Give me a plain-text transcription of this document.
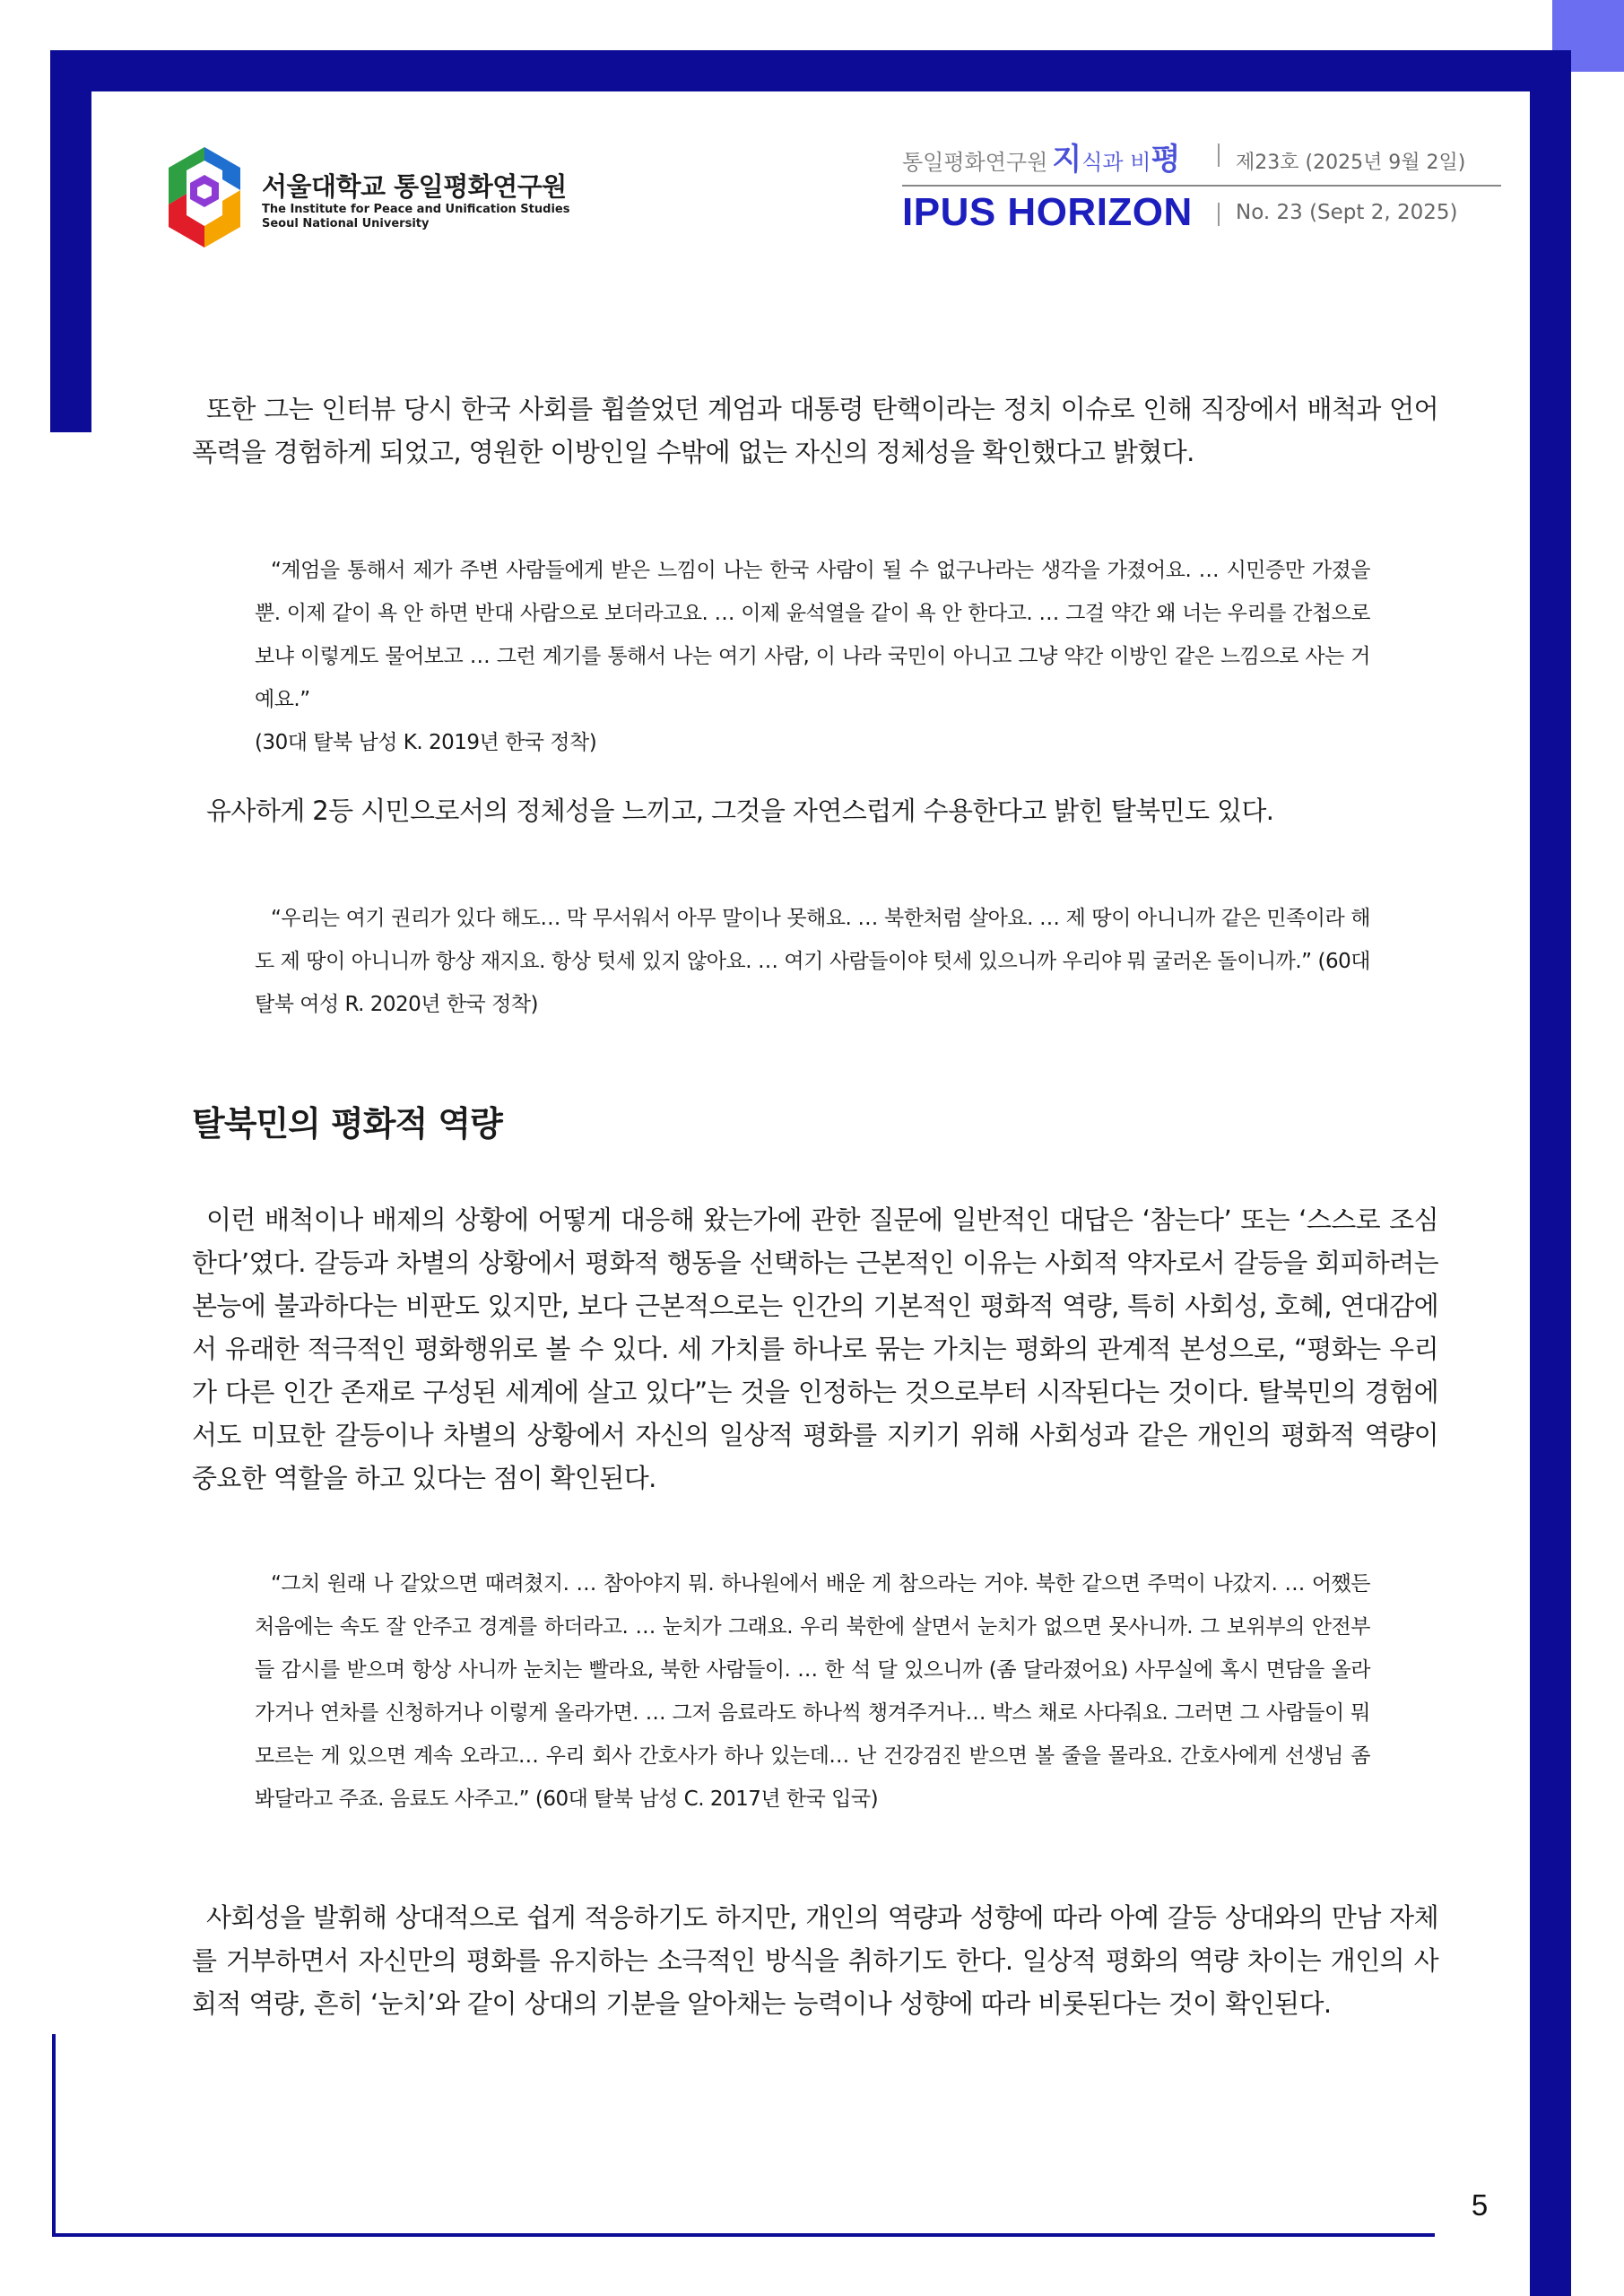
서울대학교 통일평화연구원
The Institute for Peace and Unification Studies
Seoul National University
통일평화연구원 지식과 비평	제23호 (2025년 9월 2일)
IPUS HORIZON No. 23 (Sept 2, 2025)

또한 그는 인터뷰 당시 한국 사회를 휩쓸었던 계엄과 대통령 탄핵이라는 정치 이슈로 인해 직장에서 배척과 언어폭력을 경험하게 되었고, 영원한 이방인일 수밖에 없는 자신의 정체성을 확인했다고 밝혔다.

“계엄을 통해서 제가 주변 사람들에게 받은 느낌이 나는 한국 사람이 될 수 없구나라는 생각을 가졌어요. … 시민증만 가졌을 뿐. 이제 같이 욕 안 하면 반대 사람으로 보더라고요. … 이제 윤석열을 같이 욕 안 한다고. … 그걸 약간 왜 너는 우리를 간첩으로 보냐 이렇게도 물어보고 … 그런 계기를 통해서 나는 여기 사람, 이 나라 국민이 아니고 그냥 약간 이방인 같은 느낌으로 사는 거예요.”
(30대 탈북 남성 K. 2019년 한국 정착)

유사하게 2등 시민으로서의 정체성을 느끼고, 그것을 자연스럽게 수용한다고 밝힌 탈북민도 있다.

“우리는 여기 권리가 있다 해도… 막 무서워서 아무 말이나 못해요. … 북한처럼 살아요. … 제 땅이 아니니까 같은 민족이라 해도 제 땅이 아니니까 항상 재지요. 항상 텃세 있지 않아요. … 여기 사람들이야 텃세 있으니까 우리야 뭐 굴러온 돌이니까.” (60대 탈북 여성 R. 2020년 한국 정착)
탈북민의 평화적 역량

이런 배척이나 배제의 상황에 어떻게 대응해 왔는가에 관한 질문에 일반적인 대답은 ‘참는다’ 또는 ‘스스로 조심한다’였다. 갈등과 차별의 상황에서 평화적 행동을 선택하는 근본적인 이유는 사회적 약자로서 갈등을 회피하려는 본능에 불과하다는 비판도 있지만, 보다 근본적으로는 인간의 기본적인 평화적 역량, 특히 사회성, 호혜, 연대감에서 유래한 적극적인 평화행위로 볼 수 있다. 세 가치를 하나로 묶는 가치는 평화의 관계적 본성으로, “평화는 우리가 다른 인간 존재로 구성된 세계에 살고 있다”는 것을 인정하는 것으로부터 시작된다는 것이다. 탈북민의 경험에서도 미묘한 갈등이나 차별의 상황에서 자신의 일상적 평화를 지키기 위해 사회성과 같은 개인의 평화적 역량이 중요한 역할을 하고 있다는 점이 확인된다.

“그치 원래 나 같았으면 때려쳤지. … 참아야지 뭐. 하나원에서 배운 게 참으라는 거야. 북한 같으면 주먹이 나갔지. … 어쨌든 처음에는 속도 잘 안주고 경계를 하더라고. … 눈치가 그래요. 우리 북한에 살면서 눈치가 없으면 못사니까. 그 보위부의 안전부들 감시를 받으며 항상 사니까 눈치는 빨라요, 북한 사람들이. … 한 석 달 있으니까 (좀 달라졌어요) 사무실에 혹시 면담을 올라가거나 연차를 신청하거나 이렇게 올라가면. … 그저 음료라도 하나씩 챙겨주거나… 박스 채로 사다줘요. 그러면 그 사람들이 뭐 모르는 게 있으면 계속 오라고… 우리 회사 간호사가 하나 있는데… 난 건강검진 받으면 볼 줄을 몰라요. 간호사에게 선생님 좀 봐달라고 주죠. 음료도 사주고.” (60대 탈북 남성 C. 2017년 한국 입국)

사회성을 발휘해 상대적으로 쉽게 적응하기도 하지만, 개인의 역량과 성향에 따라 아예 갈등 상대와의 만남 자체를 거부하면서 자신만의 평화를 유지하는 소극적인 방식을 취하기도 한다. 일상적 평화의 역량 차이는 개인의 사회적 역량, 흔히 ‘눈치’와 같이 상대의 기분을 알아채는 능력이나 성향에 따라 비롯된다는 것이 확인된다.

5
